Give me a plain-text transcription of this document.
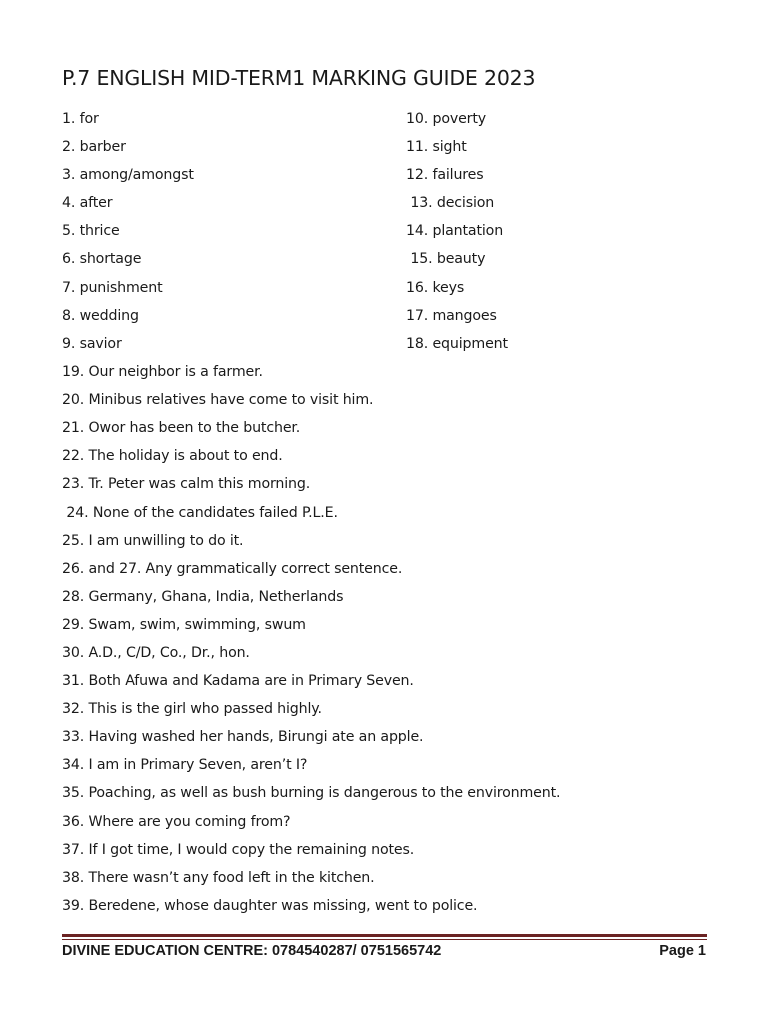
P.7 ENGLISH MID-TERM1 MARKING GUIDE 2023
1. for
2. barber
3. among/amongst
4. after
5. thrice
6. shortage
7. punishment
8. wedding
9. savior
10. poverty
11. sight
12. failures
13. decision
14. plantation
15. beauty
16. keys
17. mangoes
18. equipment
19. Our neighbor is a farmer.
20. Minibus relatives have come to visit him.
21. Owor has been to the butcher.
22. The holiday is about to end.
23. Tr. Peter was calm this morning.
24. None of the candidates failed P.L.E.
25. I am unwilling to do it.
26. and 27. Any grammatically correct sentence.
28. Germany, Ghana, India, Netherlands
29. Swam, swim, swimming, swum
30. A.D., C/D, Co., Dr., hon.
31. Both Afuwa and Kadama are in Primary Seven.
32. This is the girl who passed highly.
33. Having washed her hands, Birungi ate an apple.
34. I am in Primary Seven, aren’t I?
35. Poaching, as well as bush burning is dangerous to the environment.
36. Where are you coming from?
37. If I got time, I would copy the remaining notes.
38. There wasn’t any food left in the kitchen.
39. Beredene, whose daughter was missing, went to police.
DIVINE EDUCATION CENTRE: 0784540287/ 0751565742	Page 1
